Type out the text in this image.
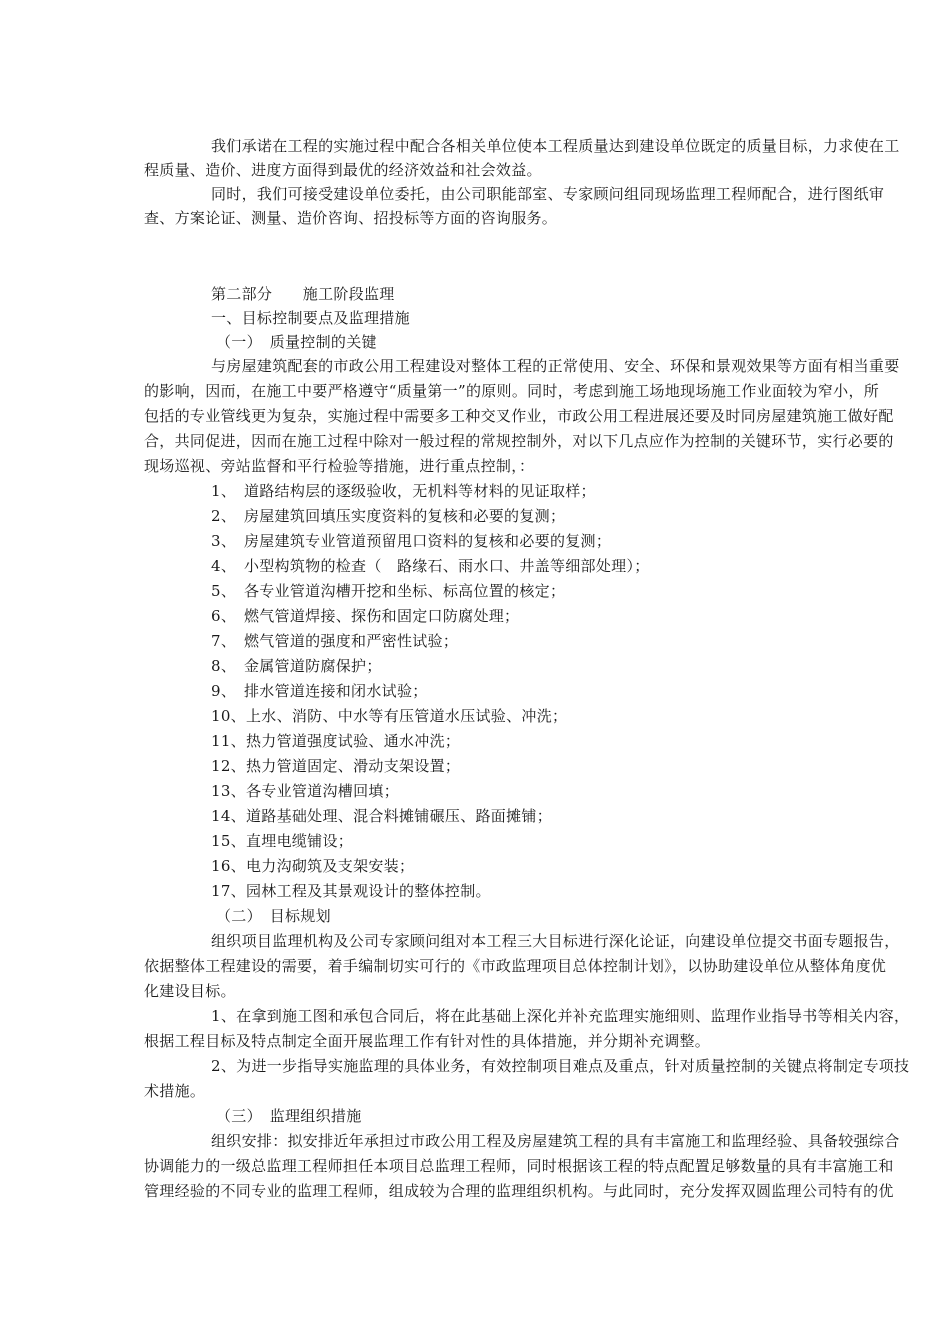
我们承诺在工程的实施过程中配合各相关单位使本工程质量达到建设单位既定的质量目标，力求使在工
程质量、造价、进度方面得到最优的经济效益和社会效益。
同时，我们可接受建设单位委托，由公司职能部室、专家顾问组同现场监理工程师配合，进行图纸审
查、方案论证、测量、造价咨询、招投标等方面的咨询服务。
第二部分　　施工阶段监理
一、目标控制要点及监理措施
（一）　质量控制的关键
与房屋建筑配套的市政公用工程建设对整体工程的正常使用、安全、环保和景观效果等方面有相当重要
的影响，因而，在施工中要严格遵守“质量第一”的原则。同时，考虑到施工场地现场施工作业面较为窄小，所
包括的专业管线更为复杂，实施过程中需要多工种交叉作业，市政公用工程进展还要及时同房屋建筑施工做好配
合，共同促进，因而在施工过程中除对一般过程的常规控制外，对以下几点应作为控制的关键环节，实行必要的
现场巡视、旁站监督和平行检验等措施，进行重点控制，：
1、　道路结构层的逐级验收，无机料等材料的见证取样；
2、　房屋建筑回填压实度资料的复核和必要的复测；
3、　房屋建筑专业管道预留甩口资料的复核和必要的复测；
4、　小型构筑物的检查（　路缘石、雨水口、井盖等细部处理）；
5、　各专业管道沟槽开挖和坐标、标高位置的核定；
6、　燃气管道焊接、探伤和固定口防腐处理；
7、　燃气管道的强度和严密性试验；
8、　金属管道防腐保护；
9、　排水管道连接和闭水试验；
10、上水、消防、中水等有压管道水压试验、冲洗；
11、热力管道强度试验、通水冲洗；
12、热力管道固定、滑动支架设置；
13、各专业管道沟槽回填；
14、道路基础处理、混合料摊铺碾压、路面摊铺；
15、直埋电缆铺设；
16、电力沟砌筑及支架安装；
17、园林工程及其景观设计的整体控制。
（二）　目标规划
组织项目监理机构及公司专家顾问组对本工程三大目标进行深化论证，向建设单位提交书面专题报告，
依据整体工程建设的需要，着手编制切实可行的《市政监理项目总体控制计划》，以协助建设单位从整体角度优
化建设目标。
1、在拿到施工图和承包合同后，将在此基础上深化并补充监理实施细则、监理作业指导书等相关内容，
根据工程目标及特点制定全面开展监理工作有针对性的具体措施，并分期补充调整。
2、为进一步指导实施监理的具体业务，有效控制项目难点及重点，针对质量控制的关键点将制定专项技
术措施。
（三）　监理组织措施
组织安排：拟安排近年承担过市政公用工程及房屋建筑工程的具有丰富施工和监理经验、具备较强综合
协调能力的一级总监理工程师担任本项目总监理工程师，同时根据该工程的特点配置足够数量的具有丰富施工和
管理经验的不同专业的监理工程师，组成较为合理的监理组织机构。与此同时，充分发挥双圆监理公司特有的优
